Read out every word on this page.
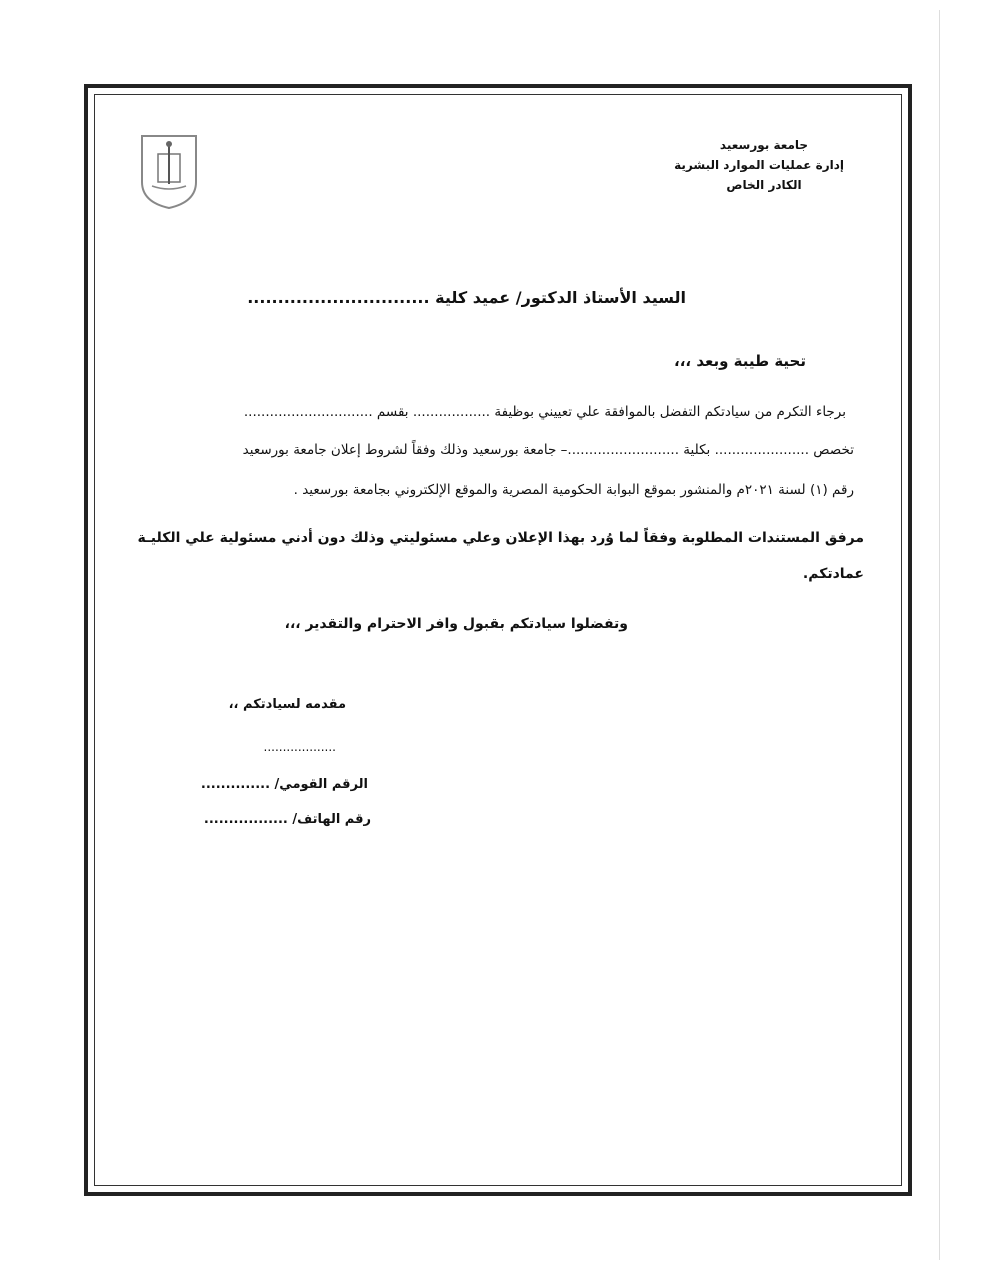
جامعة بورسعيد
إدارة عمليات الموارد البشرية
الكادر الخاص
السيد الأستاذ الدكتور/ عميد كلية ..............................
تحية طيبة وبعد ،،،
برجاء التكرم من سيادتكم التفضل بالموافقة علي تعييني بوظيفة .................. بقسم ..............................
تخصص ...................... بكلية ..........................– جامعة بورسعيد وذلك وفقاً لشروط إعلان جامعة بورسعيد
رقم (١) لسنة ٢٠٢١م والمنشور بموقع البوابة الحكومية المصرية والموقع الإلكتروني بجامعة بورسعيد .
مرفق المستندات المطلوبة وفقاً لما وُرد بهذا الإعلان وعلي مسئوليتي وذلك دون أدني مسئولية علي الكليـة
عمادتكم.
وتفضلوا سيادتكم بقبول وافر الاحترام والتقدير ،،،
مقدمه لسيادتكم ،،
...................
الرقم القومي/ ..............
رقم الهاتف/ .................
